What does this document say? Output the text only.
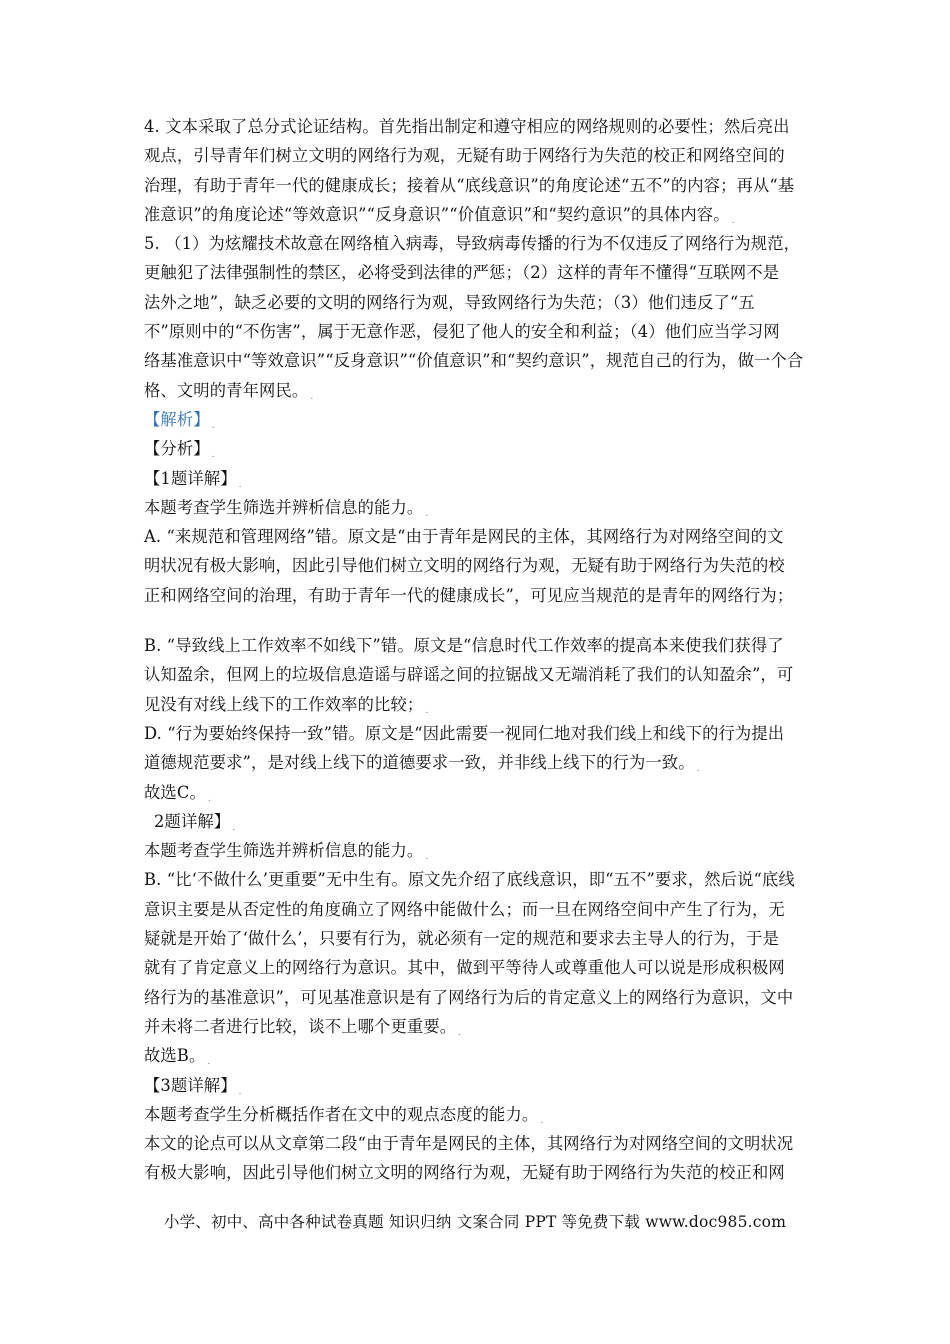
4. 文本采取了总分式论证结构。首先指出制定和遵守相应的网络规则的必要性；然后亮出
观点，引导青年们树立文明的网络行为观，无疑有助于网络行为失范的校正和网络空间的
治理，有助于青年一代的健康成长；接着从“底线意识”的角度论述“五不”的内容；再从“基
准意识”的角度论述“等效意识”“反身意识”“价值意识”和“契约意识”的具体内容。 .
5. （1）为炫耀技术故意在网络植入病毒，导致病毒传播的行为不仅违反了网络行为规范，
更触犯了法律强制性的禁区，必将受到法律的严惩；（2）这样的青年不懂得“互联网不是
法外之地”，缺乏必要的文明的网络行为观，导致网络行为失范；（3）他们违反了“五
不”原则中的“不伤害”，属于无意作恶，侵犯了他人的安全和利益；（4）他们应当学习网
络基准意识中“等效意识”“反身意识”“价值意识”和“契约意识”，规范自己的行为，做一个合
格、文明的青年网民。 .
【解析】 .
【分析】 .
【1题详解】 .
本题考查学生筛选并辨析信息的能力。 .
A. “来规范和管理网络”错。原文是“由于青年是网民的主体，其网络行为对网络空间的文
明状况有极大影响，因此引导他们树立文明的网络行为观，无疑有助于网络行为失范的校
正和网络空间的治理，有助于青年一代的健康成长”，可见应当规范的是青年的网络行为；
B. “导致线上工作效率不如线下”错。原文是“信息时代工作效率的提高本来使我们获得了
认知盈余，但网上的垃圾信息造谣与辟谣之间的拉锯战又无端消耗了我们的认知盈余”，可
见没有对线上线下的工作效率的比较； .
D. “行为要始终保持一致”错。原文是“因此需要一视同仁地对我们线上和线下的行为提出
道德规范要求”，是对线上线下的道德要求一致，并非线上线下的行为一致。 .
故选C。 .
2题详解】 .
本题考查学生筛选并辨析信息的能力。 .
B. “比‘不做什么’更重要”无中生有。原文先介绍了底线意识，即“五不”要求，然后说“底线
意识主要是从否定性的角度确立了网络中能做什么；而一旦在网络空间中产生了行为，无
疑就是开始了‘做什么’，只要有行为，就必须有一定的规范和要求去主导人的行为，于是
就有了肯定意义上的网络行为意识。其中，做到平等待人或尊重他人可以说是形成积极网
络行为的基准意识”，可见基准意识是有了网络行为后的肯定意义上的网络行为意识，文中
并未将二者进行比较，谈不上哪个更重要。 .
故选B。 .
【3题详解】 .
本题考查学生分析概括作者在文中的观点态度的能力。 .
本文的论点可以从文章第二段“由于青年是网民的主体，其网络行为对网络空间的文明状况
有极大影响，因此引导他们树立文明的网络行为观，无疑有助于网络行为失范的校正和网
小学、初中、高中各种试卷真题 知识归纳 文案合同 PPT 等免费下载 www.doc985.com
